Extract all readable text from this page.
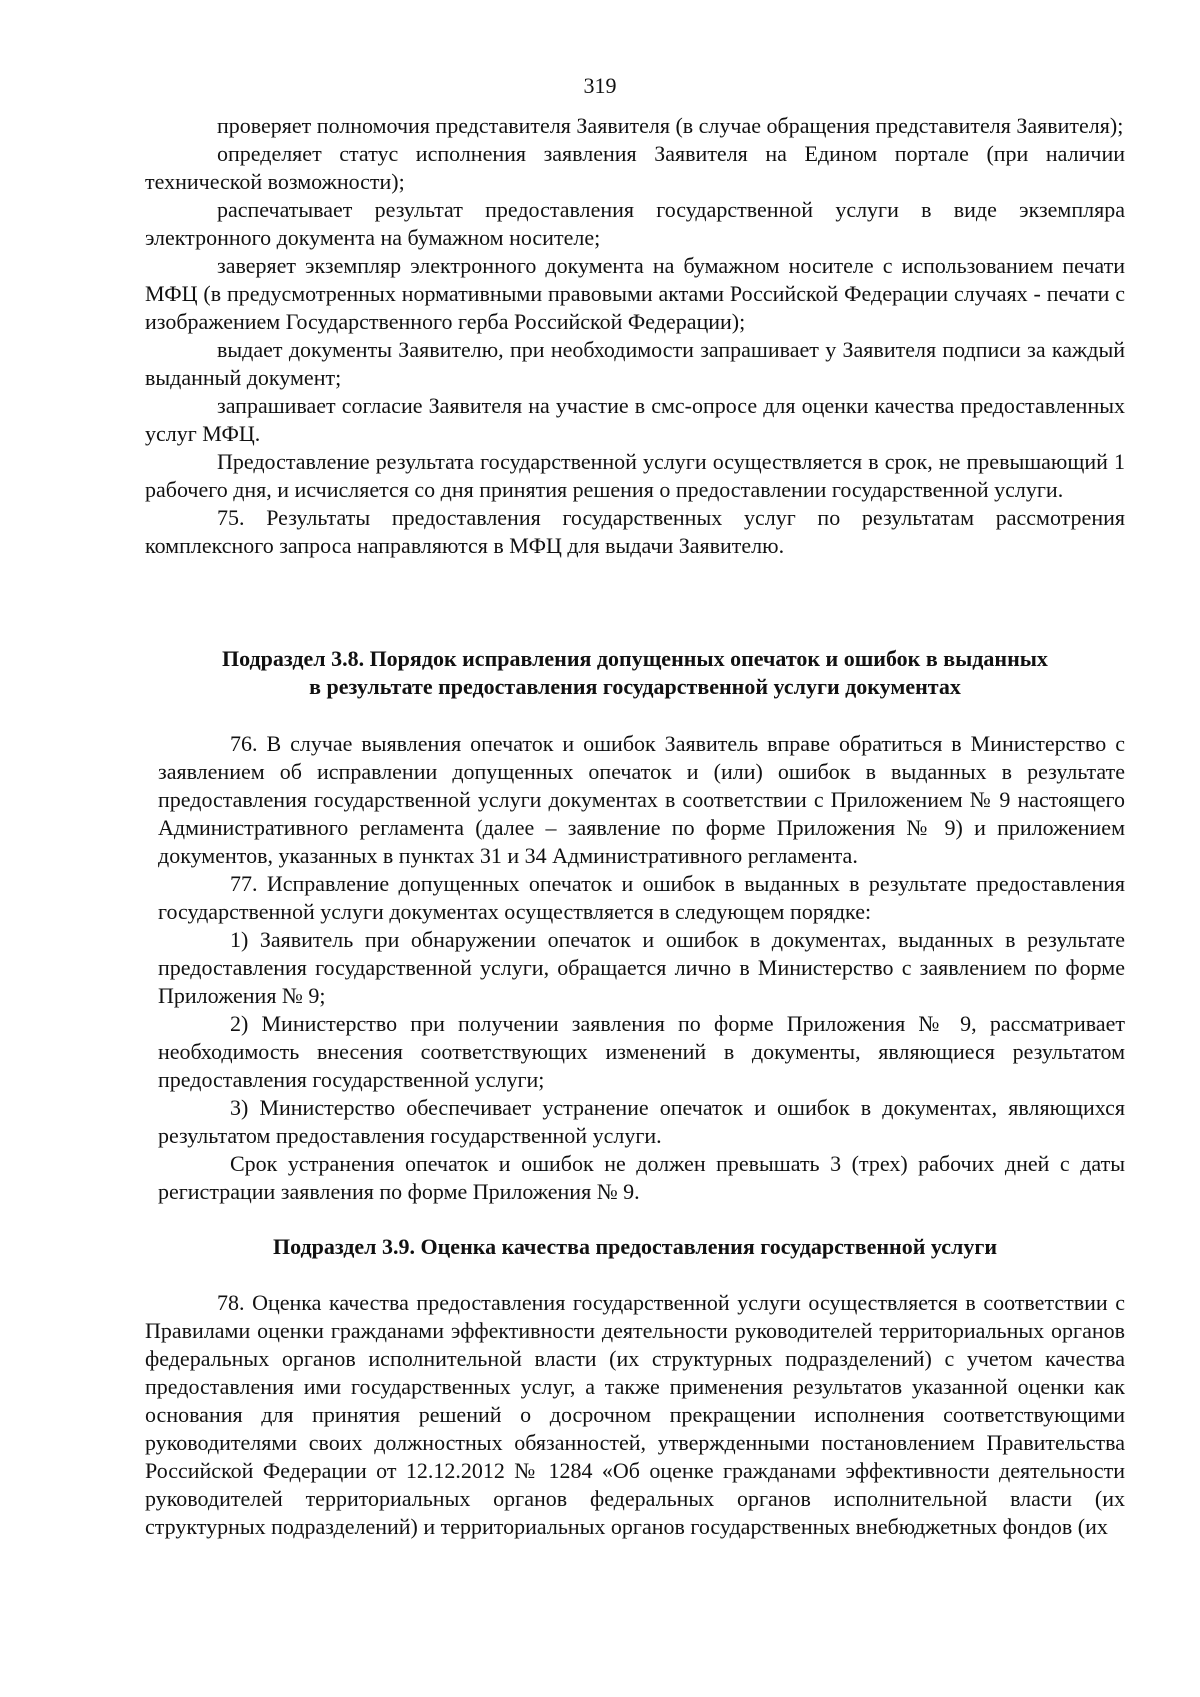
319

проверяет полномочия представителя Заявителя (в случае обращения представителя Заявителя);

определяет статус исполнения заявления Заявителя на Едином портале (при наличии технической возможности);

распечатывает результат предоставления государственной услуги в виде экземпляра электронного документа на бумажном носителе;

заверяет экземпляр электронного документа на бумажном носителе с использованием печати МФЦ (в предусмотренных нормативными правовыми актами Российской Федерации случаях - печати с изображением Государственного герба Российской Федерации);

выдает документы Заявителю, при необходимости запрашивает у Заявителя подписи за каждый выданный документ;

запрашивает согласие Заявителя на участие в смс-опросе для оценки качества предоставленных услуг МФЦ.

Предоставление результата государственной услуги осуществляется в срок, не превышающий 1 рабочего дня, и исчисляется со дня принятия решения о предоставлении государственной услуги.

75. Результаты предоставления государственных услуг по результатам рассмотрения комплексного запроса направляются в МФЦ для выдачи Заявителю.

Подраздел 3.8. Порядок исправления допущенных опечаток и ошибок в выданных
в результате предоставления государственной услуги документах

76. В случае выявления опечаток и ошибок Заявитель вправе обратиться в Министерство с заявлением об исправлении допущенных опечаток и (или) ошибок в выданных в результате предоставления государственной услуги документах в соответствии с Приложением № 9 настоящего Административного регламента (далее – заявление по форме Приложения № 9) и приложением документов, указанных в пунктах 31 и 34 Административного регламента.

77. Исправление допущенных опечаток и ошибок в выданных в результате предоставления государственной услуги документах осуществляется в следующем порядке:

1) Заявитель при обнаружении опечаток и ошибок в документах, выданных в результате предоставления государственной услуги, обращается лично в Министерство с заявлением по форме Приложения № 9;

2) Министерство при получении заявления по форме Приложения № 9, рассматривает необходимость внесения соответствующих изменений в документы, являющиеся результатом предоставления государственной услуги;

3) Министерство обеспечивает устранение опечаток и ошибок в документах, являющихся результатом предоставления государственной услуги.

Срок устранения опечаток и ошибок не должен превышать 3 (трех) рабочих дней с даты регистрации заявления по форме Приложения № 9.

Подраздел 3.9. Оценка качества предоставления государственной услуги

78. Оценка качества предоставления государственной услуги осуществляется в соответствии с Правилами оценки гражданами эффективности деятельности руководителей территориальных органов федеральных органов исполнительной власти (их структурных подразделений) с учетом качества предоставления ими государственных услуг, а также применения результатов указанной оценки как основания для принятия решений о досрочном прекращении исполнения соответствующими руководителями своих должностных обязанностей, утвержденными постановлением Правительства Российской Федерации от 12.12.2012 № 1284 «Об оценке гражданами эффективности деятельности руководителей территориальных органов федеральных органов исполнительной власти (их структурных подразделений) и территориальных органов государственных внебюджетных фондов (их
